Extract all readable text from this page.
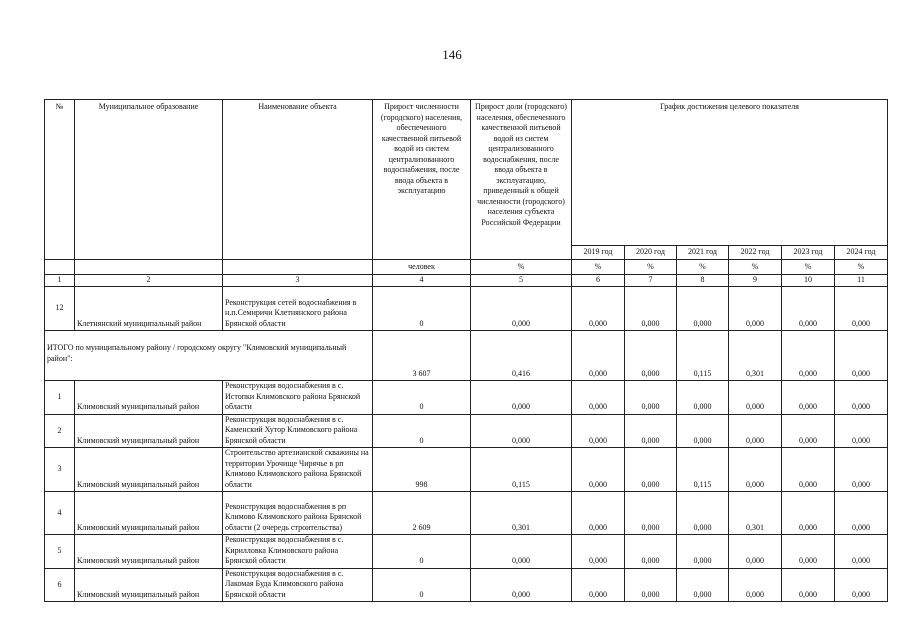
146
№	Муниципальное образование	Наименование объекта	Прирост численности (городского) населения, обеспеченного качественной питьевой водой из систем централизованного водоснабжения, после ввода объекта в эксплуатацию	Прирост доли (городского) населения, обеспеченного качественной питьевой водой из систем централизованного водоснабжения, после ввода объекта в эксплуатацию, приведенный к общей численности (городского) населения субъекта Российской Федерации	График достижения целевого показателя					
					2019 год	2020 год	2021 год	2022 год	2023 год	2024 год
			человек	%	%	%	%	%	%	%
1	2	3	4	5	6	7	8	9	10	11
12	Клетнянский муниципальный район	Реконструкция сетей водоснабжения в н.п.Семиричи Клетнянского района Брянской области	0	0,000	0,000	0,000	0,000	0,000	0,000	0,000
ИТОГО по муниципальному району / городскому округу "Климовский муниципальный район":			3 607	0,416	0,000	0,000	0,115	0,301	0,000	0,000
1	Климовский муниципальный район	Реконструкция водоснабжения в с. Истопки Климовского района Брянской области	0	0,000	0,000	0,000	0,000	0,000	0,000	0,000
2	Климовский муниципальный район	Реконструкция водоснабжения в с. Каменский Хутор Климовского района Брянской области	0	0,000	0,000	0,000	0,000	0,000	0,000	0,000
3	Климовский муниципальный район	Строительство артезианской скважины на территории Урочище Чирячье в рп Климово Климовского района Брянской области	998	0,115	0,000	0,000	0,115	0,000	0,000	0,000
4	Климовский муниципальный район	Реконструкция водоснабжения в рп Климово Климовского района Брянской области (2 очередь строительства)	2 609	0,301	0,000	0,000	0,000	0,301	0,000	0,000
5	Климовский муниципальный район	Реконструкция водоснабжения в с. Кирилловка Климовского района Брянской области	0	0,000	0,000	0,000	0,000	0,000	0,000	0,000
6	Климовский муниципальный район	Реконструкция водоснабжения в с. Лакомая Буда Климовского района Брянской области	0	0,000	0,000	0,000	0,000	0,000	0,000	0,000
